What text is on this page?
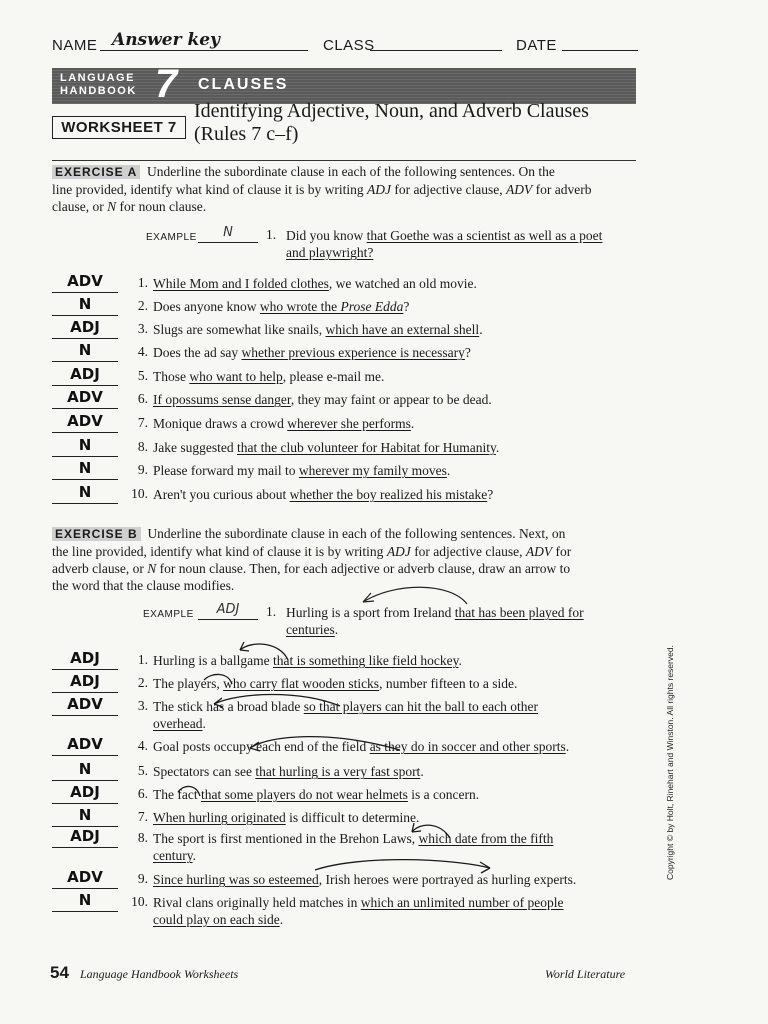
NAME Answer key	CLASS	DATE
LANGUAGE
HANDBOOK 7 CLAUSES
WORKSHEET 7
Identifying Adjective, Noun, and Adverb Clauses
(Rules 7 c–f)
EXERCISE A Underline the subordinate clause in each of the following sentences. On the
line provided, identify what kind of clause it is by writing ADJ for adjective clause, ADV for adverb
clause, or N for noun clause.
EXAMPLE	N	1. Did you know that Goethe was a scientist as well as a poet
and playwright?
ADV	1. While Mom and I folded clothes, we watched an old movie.
N	2. Does anyone know who wrote the Prose Edda?
ADJ	3. Slugs are somewhat like snails, which have an external shell.
N	4. Does the ad say whether previous experience is necessary?
ADJ	5. Those who want to help, please e-mail me.
ADV	6. If opossums sense danger, they may faint or appear to be dead.
ADV	7. Monique draws a crowd wherever she performs.
N	8. Jake suggested that the club volunteer for Habitat for Humanity.
N	9. Please forward my mail to wherever my family moves.
N	10. Aren't you curious about whether the boy realized his mistake?
EXERCISE B Underline the subordinate clause in each of the following sentences. Next, on
the line provided, identify what kind of clause it is by writing ADJ for adjective clause, ADV for
adverb clause, or N for noun clause. Then, for each adjective or adverb clause, draw an arrow to
the word that the clause modifies.
EXAMPLE	ADJ	1. Hurling is a sport from Ireland that has been played for
centuries.
ADJ	1. Hurling is a ballgame that is something like field hockey.
ADJ	2. The players, who carry flat wooden sticks, number fifteen to a side.
ADV	3. The stick has a broad blade so that players can hit the ball to each other
overhead.
ADV	4. Goal posts occupy each end of the field as they do in soccer and other sports.
N	5. Spectators can see that hurling is a very fast sport.
ADJ	6. The fact that some players do not wear helmets is a concern.
N	7. When hurling originated is difficult to determine.
ADJ	8. The sport is first mentioned in the Brehon Laws, which date from the fifth
century.
ADV	9. Since hurling was so esteemed, Irish heroes were portrayed as hurling experts.
N	10. Rival clans originally held matches in which an unlimited number of people
could play on each side.
Copyright © by Holt, Rinehart and Winston. All rights reserved.
54 Language Handbook Worksheets	World Literature
